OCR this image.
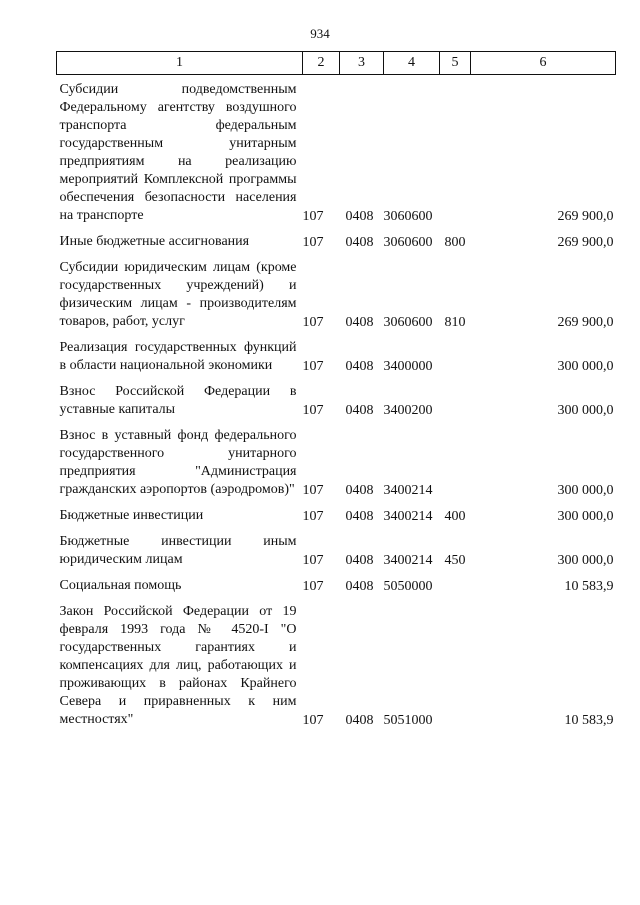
934
1	2	3	4	5	6
Субсидии подведомственным Федеральному агентству воздушного транспорта федеральным государственным унитарным предприятиям на реализацию мероприятий Комплексной программы обеспечения безопасности населения на транспорте	107	0408	3060600		269 900,0
Иные бюджетные ассигнования	107	0408	3060600	800	269 900,0
Субсидии юридическим лицам (кроме государственных учреждений) и физическим лицам - производителям товаров, работ, услуг	107	0408	3060600	810	269 900,0
Реализация государственных функций в области национальной экономики	107	0408	3400000		300 000,0
Взнос Российской Федерации в уставные капиталы	107	0408	3400200		300 000,0
Взнос в уставный фонд федерального государственного унитарного предприятия "Администрация гражданских аэропортов (аэродромов)"	107	0408	3400214		300 000,0
Бюджетные инвестиции	107	0408	3400214	400	300 000,0
Бюджетные инвестиции иным юридическим лицам	107	0408	3400214	450	300 000,0
Социальная помощь	107	0408	5050000		10 583,9
Закон Российской Федерации от 19 февраля 1993 года № 4520-I "О государственных гарантиях и компенсациях для лиц, работающих и проживающих в районах Крайнего Севера и приравненных к ним местностях"	107	0408	5051000		10 583,9
